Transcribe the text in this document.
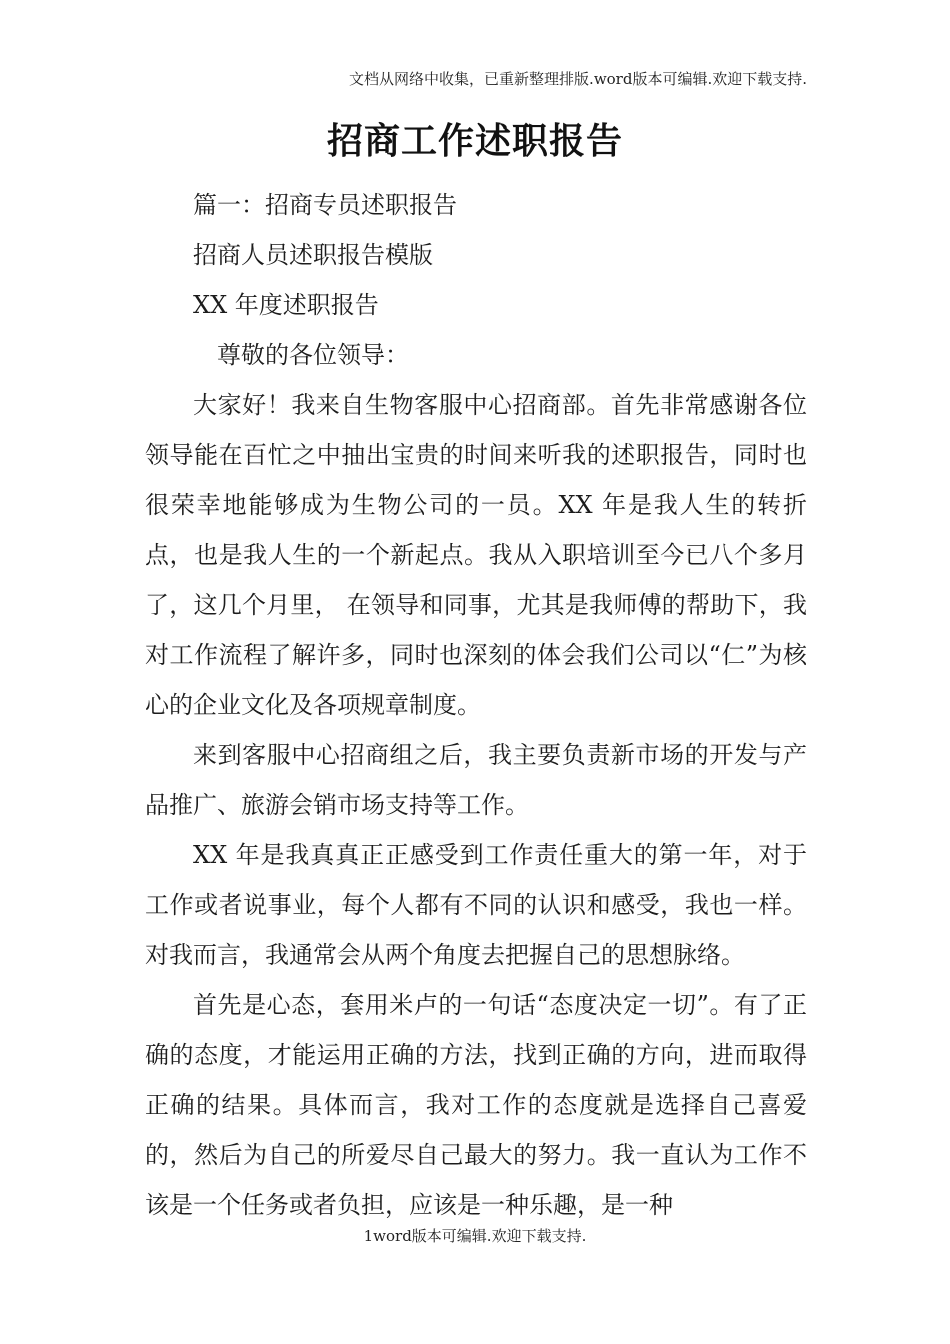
文档从网络中收集，已重新整理排版.word版本可编辑.欢迎下载支持.
招商工作述职报告

篇一：招商专员述职报告

招商人员述职报告模版

XX 年度述职报告

尊敬的各位领导：

大家好！我来自生物客服中心招商部。首先非常感谢各位领导能在百忙之中抽出宝贵的时间来听我的述职报告，同时也很荣幸地能够成为生物公司的一员。XX 年是我人生的转折点，也是我人生的一个新起点。我从入职培训至今已八个多月了，这几个月里， 在领导和同事，尤其是我师傅的帮助下，我对工作流程了解许多，同时也深刻的体会我们公司以“仁”为核心的企业文化及各项规章制度。

来到客服中心招商组之后，我主要负责新市场的开发与产品推广、旅游会销市场支持等工作。

XX 年是我真真正正感受到工作责任重大的第一年，对于工作或者说事业，每个人都有不同的认识和感受，我也一样。对我而言，我通常会从两个角度去把握自己的思想脉络。

首先是心态，套用米卢的一句话“态度决定一切”。有了正确的态度，才能运用正确的方法，找到正确的方向，进而取得正确的结果。具体而言，我对工作的态度就是选择自己喜爱的，然后为自己的所爱尽自己最大的努力。我一直认为工作不该是一个任务或者负担，应该是一种乐趣，是一种

1word版本可编辑.欢迎下载支持.
